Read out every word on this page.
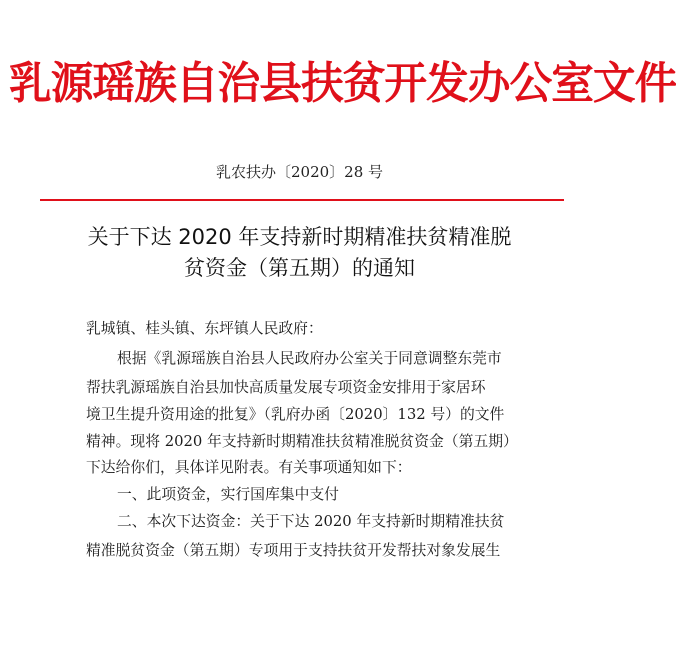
乳源瑶族自治县扶贫开发办公室文件
乳农扶办〔2020〕28 号
关于下达 2020 年支持新时期精准扶贫精准脱
贫资金（第五期）的通知
乳城镇、桂头镇、东坪镇人民政府：
根据《乳源瑶族自治县人民政府办公室关于同意调整东莞市
帮扶乳源瑶族自治县加快高质量发展专项资金安排用于家居环
境卫生提升资用途的批复》（乳府办函〔2020〕132 号）的文件
精神。现将 2020 年支持新时期精准扶贫精准脱贫资金（第五期）
下达给你们，具体详见附表。有关事项通知如下：
一、此项资金，实行国库集中支付
二、本次下达资金：关于下达 2020 年支持新时期精准扶贫
精准脱贫资金（第五期）专项用于支持扶贫开发帮扶对象发展生
